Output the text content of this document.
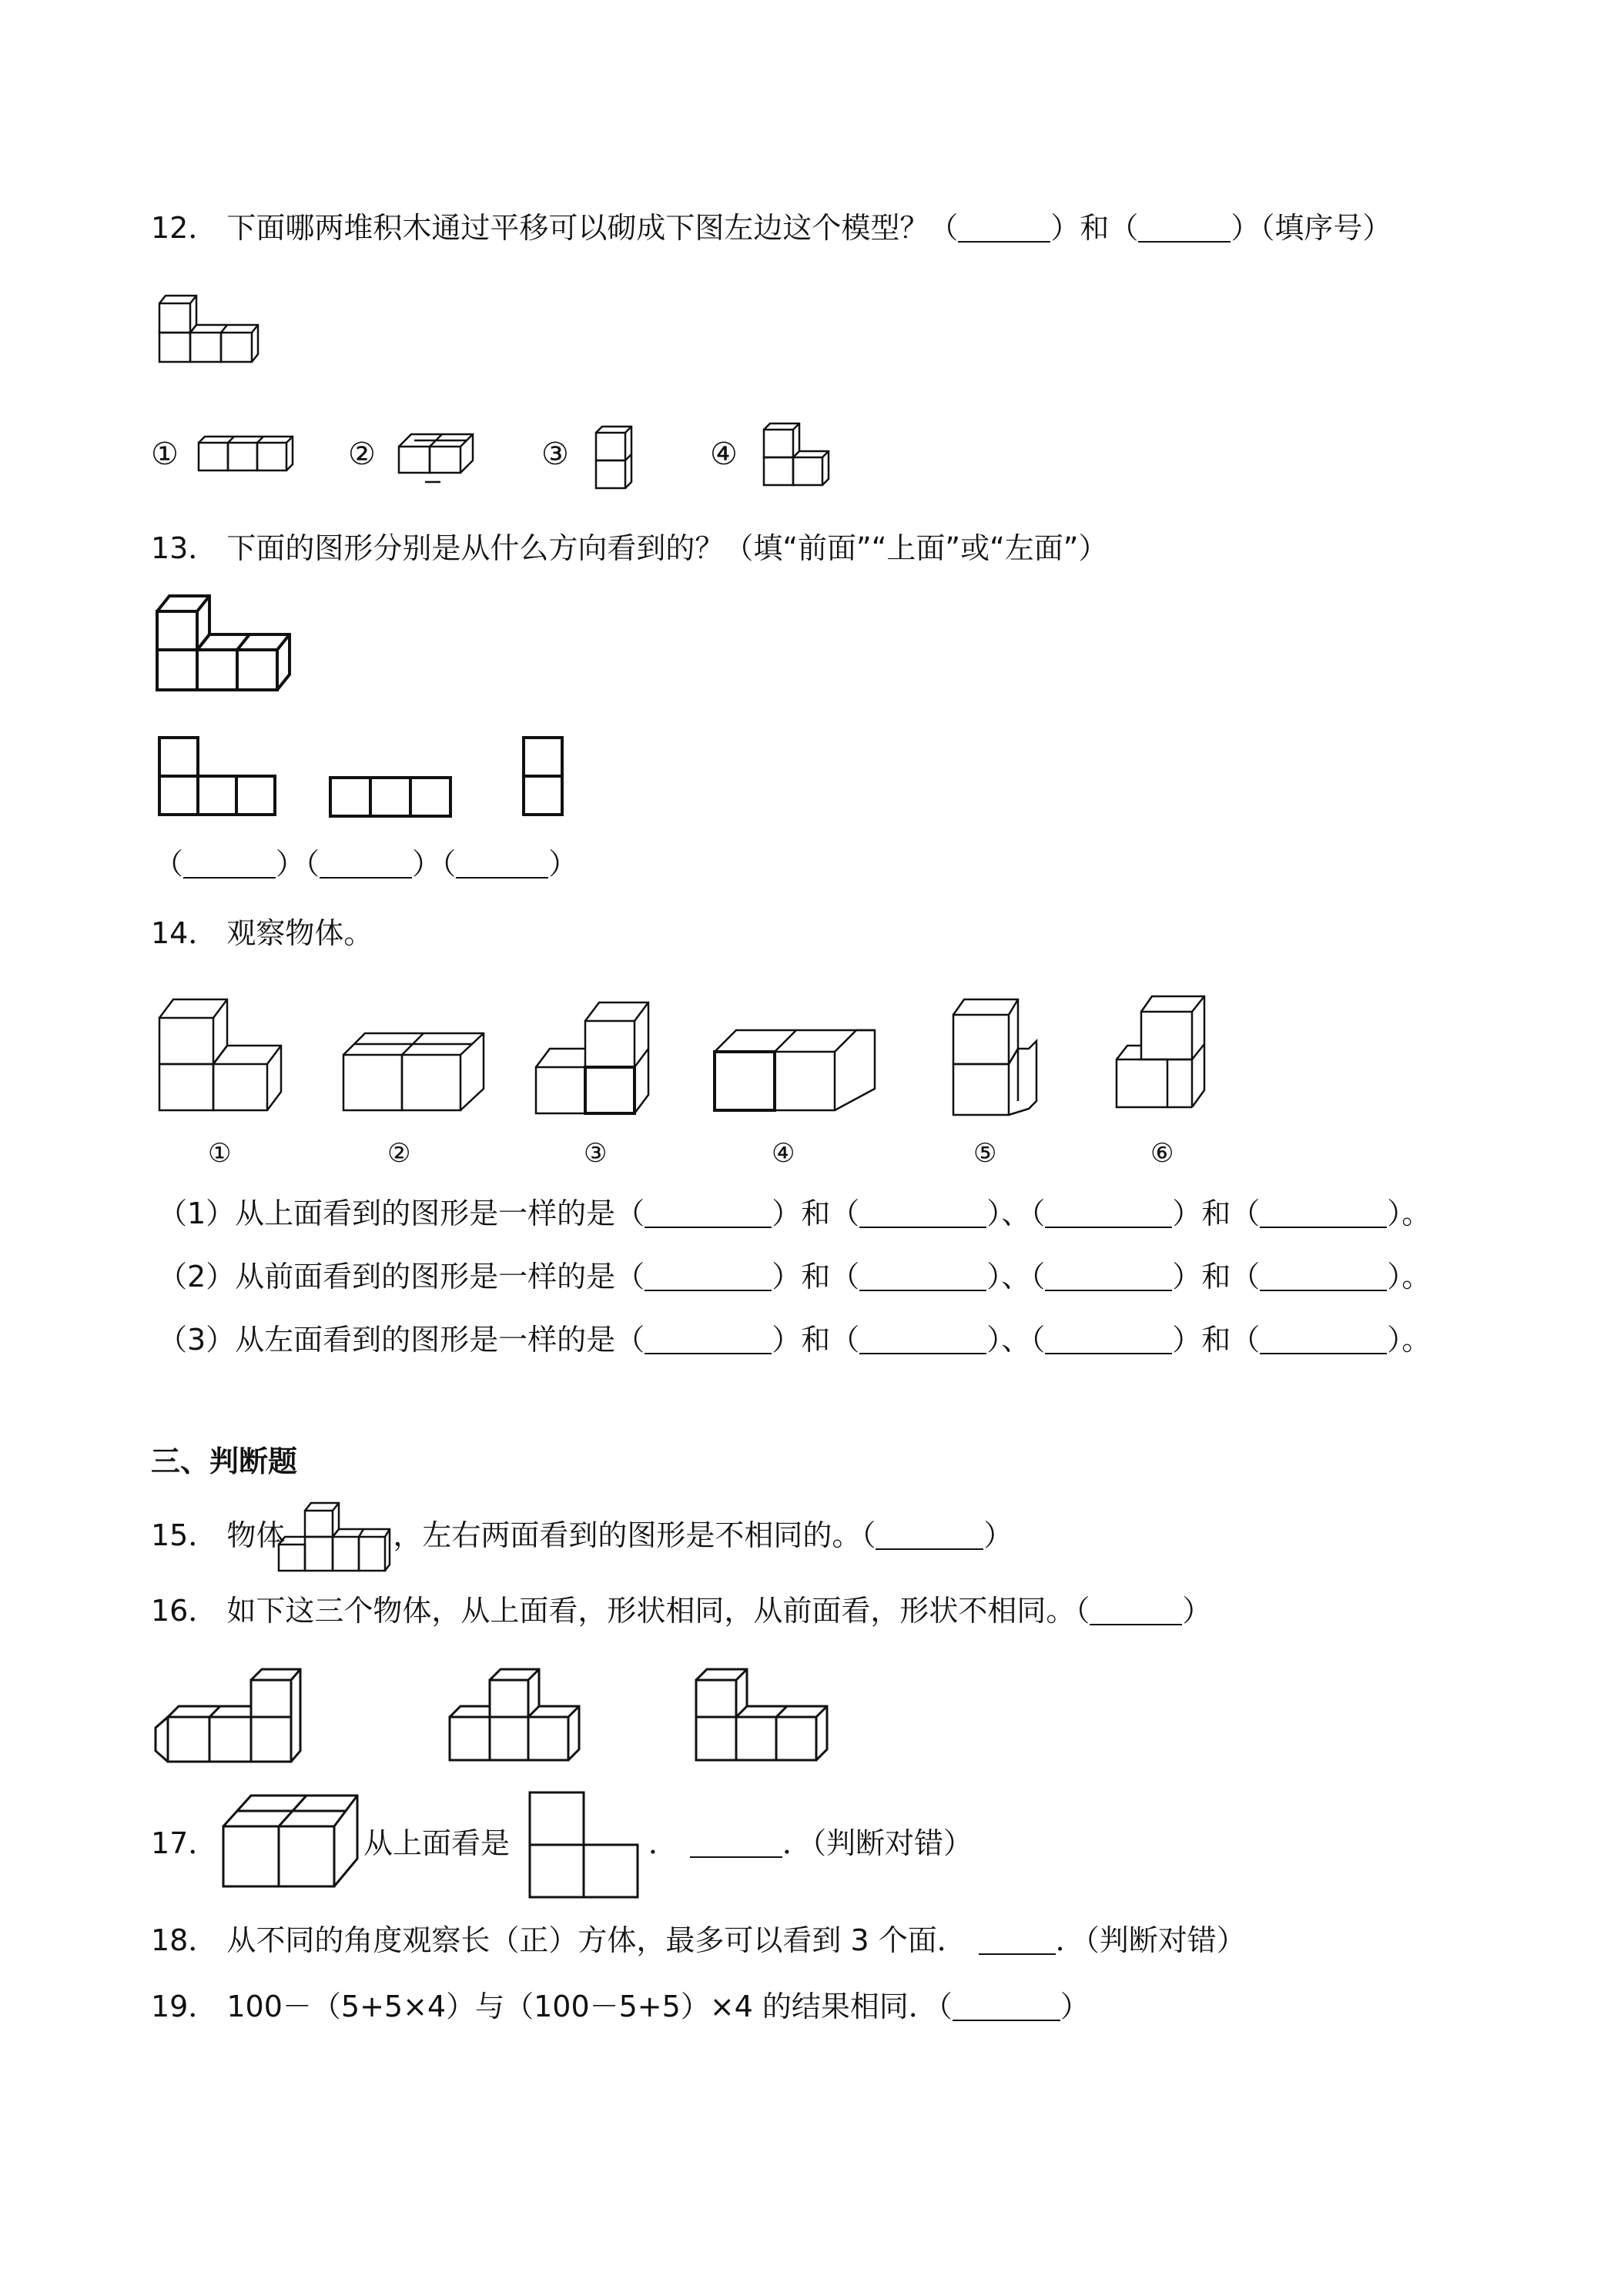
12． 下面哪两堆积木通过平移可以砌成下图左边这个模型？（	）和（	）（填序号）
①	②	③	④
13． 下面的图形分别是从什么方向看到的？（填“前面”“上面”或“左面”）
（	）（	）（	）
14． 观察物体。
①	②	③	④	⑤	⑥
（1）从上面看到的图形是一样的是（	）和（	）、（	）和（	）。
（2）从前面看到的图形是一样的是（	）和（	）、（	）和（	）。
（3）从左面看到的图形是一样的是（	）和（	）、（	）和（	）。
三、判断题
15． 物体	，左右两面看到的图形是不相同的。（	）
16． 如下这三个物体，从上面看，形状相同，从前面看，形状不相同。（	）
17．	从上面看是	．	．（判断对错）
18． 从不同的角度观察长（正）方体，最多可以看到 3 个面．	．（判断对错）
19． 100－（5+5×4）与（100－5+5）×4 的结果相同．（	）
